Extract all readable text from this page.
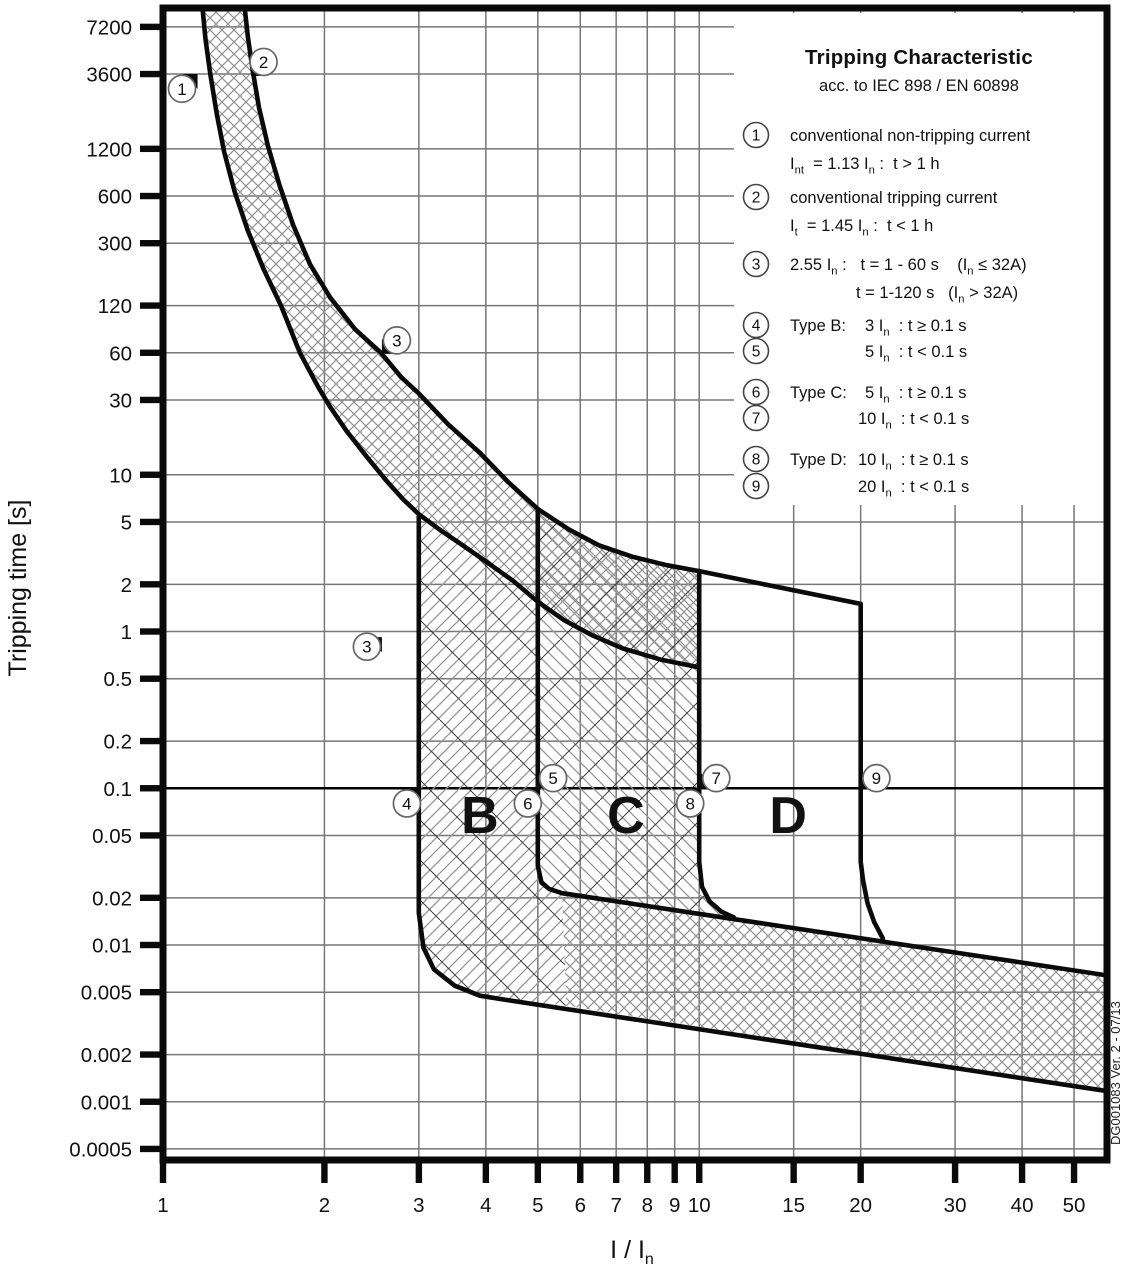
7200
3600
1200
600
300
120
60
30
10
5
2
1
0.5
0.2
0.1
0.05
0.02
0.01
0.005
0.002
0.001
0.0005
1	2	3	4 5 6 7 8 9 10	15 20	30 40 50
B C D
1
2
3
3
4
5
6
7
8
9
1
2
3
4
5
6
7
8
9
conventional non-tripping current
$I_{nt} = 1.13$ $I_n$ :  t > 1 h
conventional tripping current
$I_t = 1.45$ $I_n$ :  t < 1 h
2.55 $I_n$ :   t = 1 - 60 s    $(I_n \le 32A)$
t = 1-120 s   $(I_n > 32A)$
Type B: 3 $I_n$  : t ≥ 0.1 s
5 $I_n$  : t < 0.1 s
Type C: 5 $I_n$  : t ≥ 0.1 s
10 $I_n$  : t < 0.1 s
Type D: 10 $I_n$  : t ≥ 0.1 s
20 $I_n$  : t < 0.1 s
Tripping Characteristic
acc. to IEC 898 / EN 60898
Tripping time [s]
I / $I_n$
DG001083 Ver. 2 - 07/13
